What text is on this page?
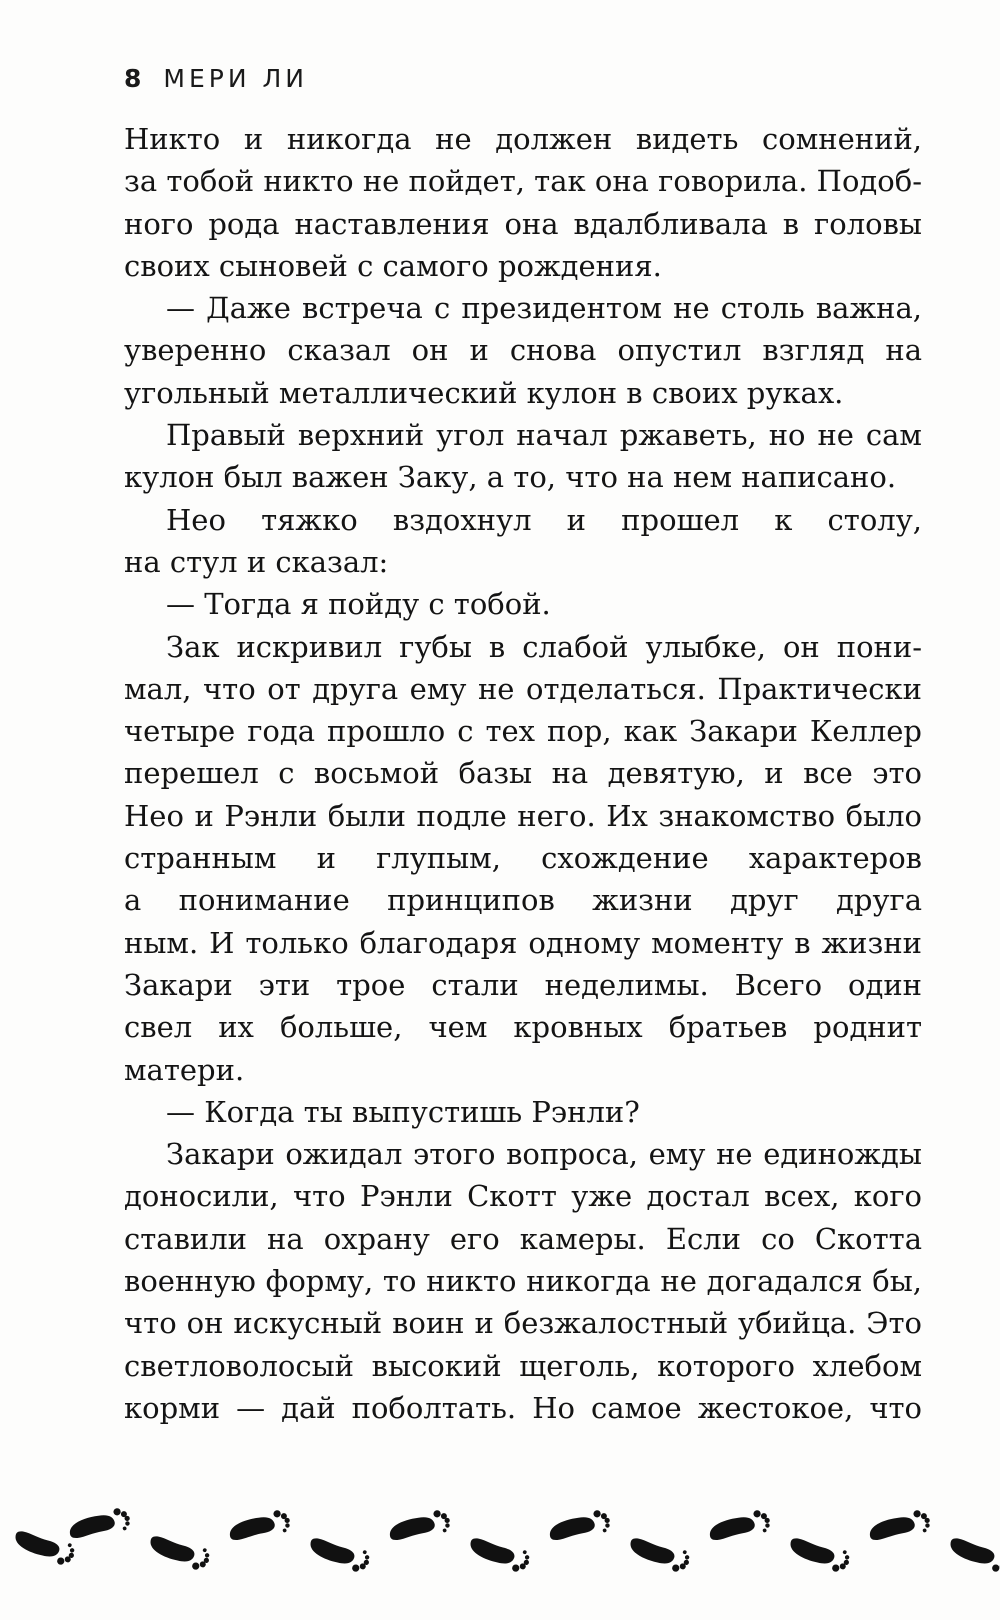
8 МЕРИ ЛИ
Никто и никогда не должен видеть сомнений,
за тобой никто не пойдет, так она говорила. Подоб-
ного рода наставления она вдалбливала в головы
своих сыновей с самого рождения.
— Даже встреча с президентом не столь важна,
уверенно сказал он и снова опустил взгляд на
угольный металлический кулон в своих руках.
Правый верхний угол начал ржаветь, но не сам
кулон был важен Заку, а то, что на нем написано.
Нео тяжко вздохнул и прошел к столу,
на стул и сказал:
— Тогда я пойду с тобой.
Зак искривил губы в слабой улыбке, он пони-
мал, что от друга ему не отделаться. Практически
четыре года прошло с тех пор, как Закари Келлер
перешел с восьмой базы на девятую, и все это
Нео и Рэнли были подле него. Их знакомство было
странным и глупым, схождение характеров
а понимание принципов жизни друг друга
ным. И только благодаря одному моменту в жизни
Закари эти трое стали неделимы. Всего один
свел их больше, чем кровных братьев роднит
матери.
— Когда ты выпустишь Рэнли?
Закари ожидал этого вопроса, ему не единожды
доносили, что Рэнли Скотт уже достал всех, кого
ставили на охрану его камеры. Если со Скотта
военную форму, то никто никогда не догадался бы,
что он искусный воин и безжалостный убийца. Это
светловолосый высокий щеголь, которого хлебом
корми — дай поболтать. Но самое жестокое, что
